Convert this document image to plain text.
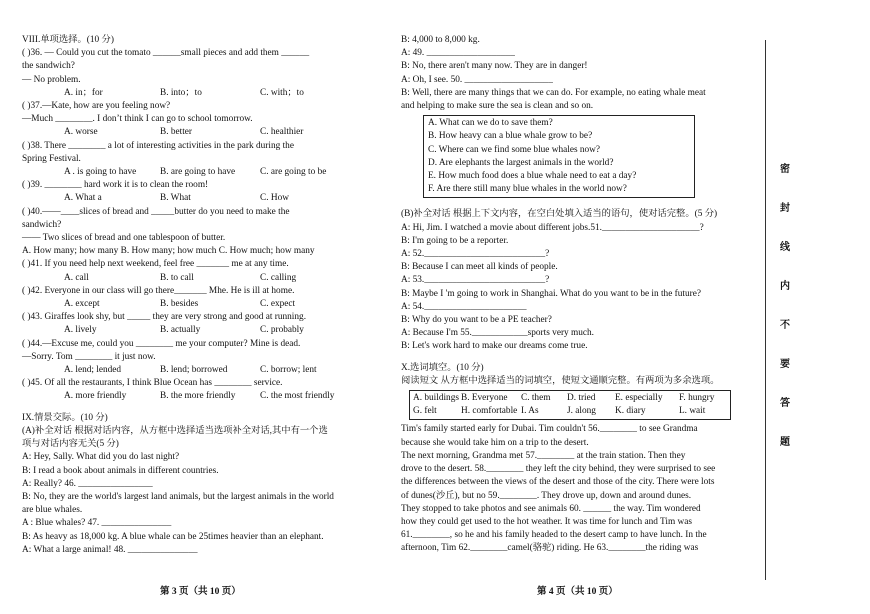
VIII.单项选择。(10 分)
( )36. — Could you cut the tomato ______small pieces and add them ______
the sandwich?
— No problem.
A. in；for	B. into；to	C. with；to
( )37.—Kate, how are you feeling now?
—Much ________. I don’t think I can go to school tomorrow.
A. worse	B. better	C. healthier
( )38. There ________ a lot of interesting activities in the park during the
Spring Festival.
A . is going to have	B. are going to have	C. are going to be
( )39. ________ hard work it is to clean the room!
A. What a	B. What	C. How
( )40.——____slices of bread and _____butter do you need to make the
sandwich?
—— Two slices of bread and one tablespoon of butter.
A. How many; how many B. How many; how much C. How much; how many
( )41. If you need help next weekend, feel free _______ me at any time.
A. call	B. to call	C. calling
( )42. Everyone in our class will go there_______ Mhe. He is ill at home.
A. except	B. besides	C. expect
( )43. Giraffes look shy, but _____ they are very strong and good at running.
A. lively	B. actually	C. probably
( )44.—Excuse me, could you ________ me your computer? Mine is dead.
—Sorry. Tom ________ it just now.
A. lend; lended	B. lend; borrowed	C. borrow; lent
( )45. Of all the restaurants, I think Blue Ocean has ________ service.
A. more friendly	B. the more friendly	C. the most friendly
IX.情景交际。(10 分)
(A)补全对话 根据对话内容，从方框中选择适当选项补全对话,其中有一个选
项与对话内容无关(5 分)
A: Hey, Sally. What did you do last night?
B: I read a book about animals in different countries.
A: Really? 46. ________________
B: No, they are the world's largest land animals, but the largest animals in the world
are blue whales.
A : Blue whales? 47. _______________
B: As heavy as 18,000 kg. A blue whale can be 25times heavier than an elephant.
A: What a large animal! 48. _______________
B: 4,000 to 8,000 kg.
A: 49. ___________________
B: No, there aren't many now. They are in danger!
A: Oh, I see. 50. ___________________
B: Well, there are many things that we can do. For example, no eating whale meat
and helping to make sure the sea is clean and so on.
A. What can we do to save them?
B. How heavy can a blue whale grow to be?
C. Where can we find some blue whales now?
D. Are elephants the largest animals in the world?
E. How much food does a blue whale need to eat a day?
F. Are there still many blue whales in the world now?
(B)补全对话 根据上下文内容，在空白处填入适当的语句，使对话完整。(5 分)
A: Hi, Jim. I watched a movie about different jobs.51._____________________?
B: I'm going to be a reporter.
A: 52.__________________________?
B: Because I can meet all kinds of people.
A: 53.__________________________?
B: Maybe I 'm going to work in Shanghai. What do you want to be in the future?
A: 54.______________________
B: Why do you want to be a PE teacher?
A: Because I'm 55.____________sports very much.
B: Let's work hard to make our dreams come true.
X.选词填空。(10 分)
阅读短文 从方框中选择适当的词填空，使短文通顺完整。有两项为多余选项。
A. buildings B. Everyone	C. them	D. tried	E. especially	F. hungry
G. felt	H. comfortable I. As	J. along	K. diary	L. wait
Tim's family started early for Dubai. Tim couldn't 56.________ to see Grandma
because she would take him on a trip to the desert.
The next morning, Grandma met 57.________ at the train station. Then they
drove to the desert. 58.________ they left the city behind, they were surprised to see
the differences between the views of the desert and those of the city. There were lots
of dunes(沙丘), but no 59.________. They drove up, down and around dunes.
They stopped to take photos and see animals 60. ______ the way. Tim wondered
how they could get used to the hot weather. It was time for lunch and Tim was
61.________, so he and his family headed to the desert camp to have lunch. In the
afternoon, Tim 62.________camel(骆驼) riding. He 63.________the riding was
密
封
线
内
不
要
答
题
第 3 页（共 10 页）	第 4 页（共 10 页）
